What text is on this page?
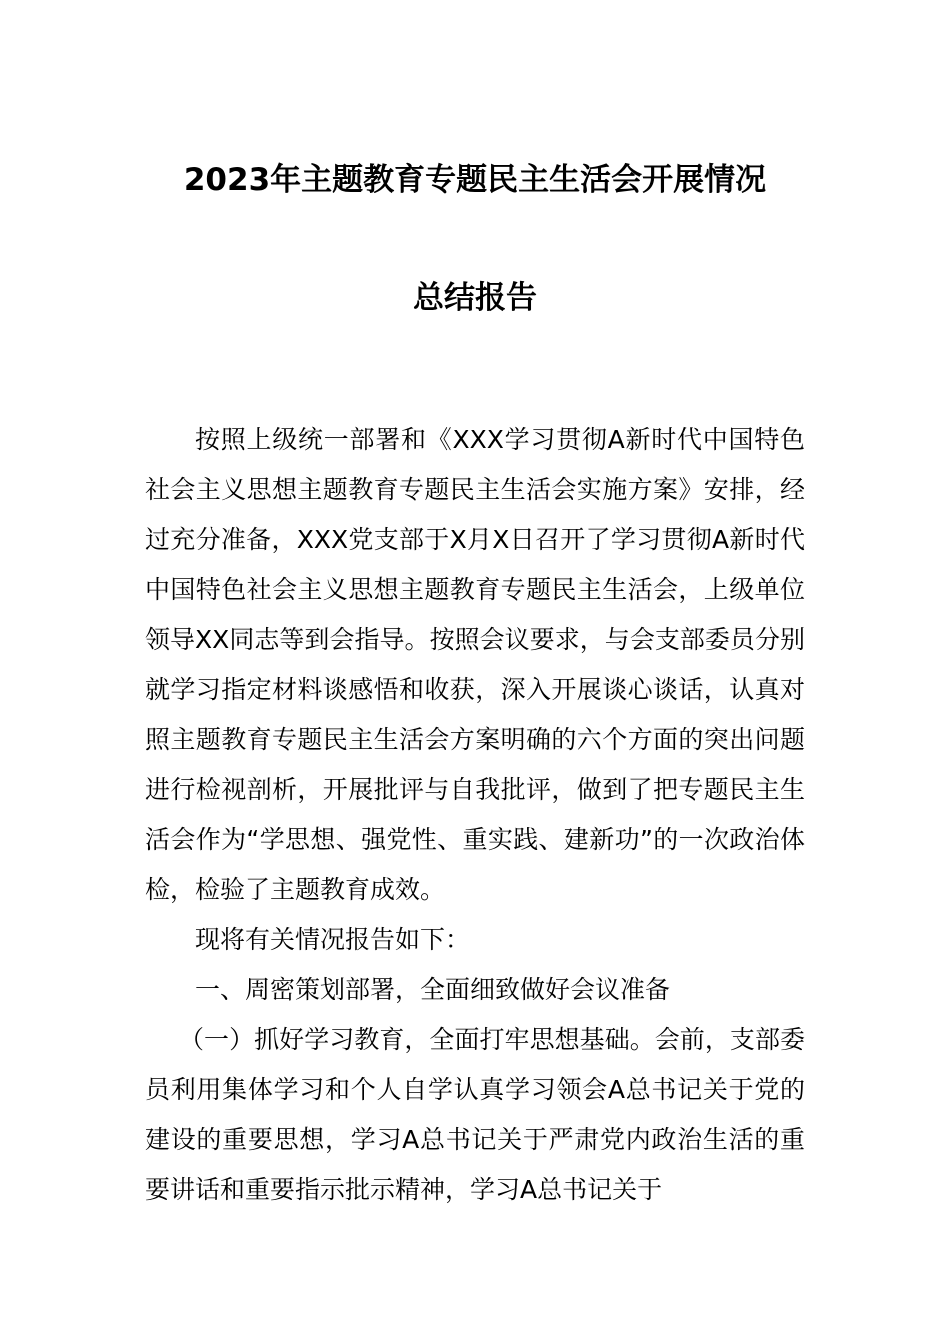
2023年主题教育专题民主生活会开展情况
总结报告
按照上级统一部署和《XXX学习贯彻A新时代中国特色社会主义思想主题教育专题民主生活会实施方案》安排，经过充分准备，XXX党支部于X月X日召开了学习贯彻A新时代中国特色社会主义思想主题教育专题民主生活会，上级单位领导XX同志等到会指导。按照会议要求，与会支部委员分别就学习指定材料谈感悟和收获，深入开展谈心谈话，认真对照主题教育专题民主生活会方案明确的六个方面的突出问题进行检视剖析，开展批评与自我批评，做到了把专题民主生活会作为“学思想、强党性、重实践、建新功”的一次政治体检，检验了主题教育成效。
现将有关情况报告如下：
一、周密策划部署，全面细致做好会议准备
（一）抓好学习教育，全面打牢思想基础。会前，支部委员利用集体学习和个人自学认真学习领会A总书记关于党的建设的重要思想，学习A总书记关于严肃党内政治生活的重要讲话和重要指示批示精神，学习A总书记关于
